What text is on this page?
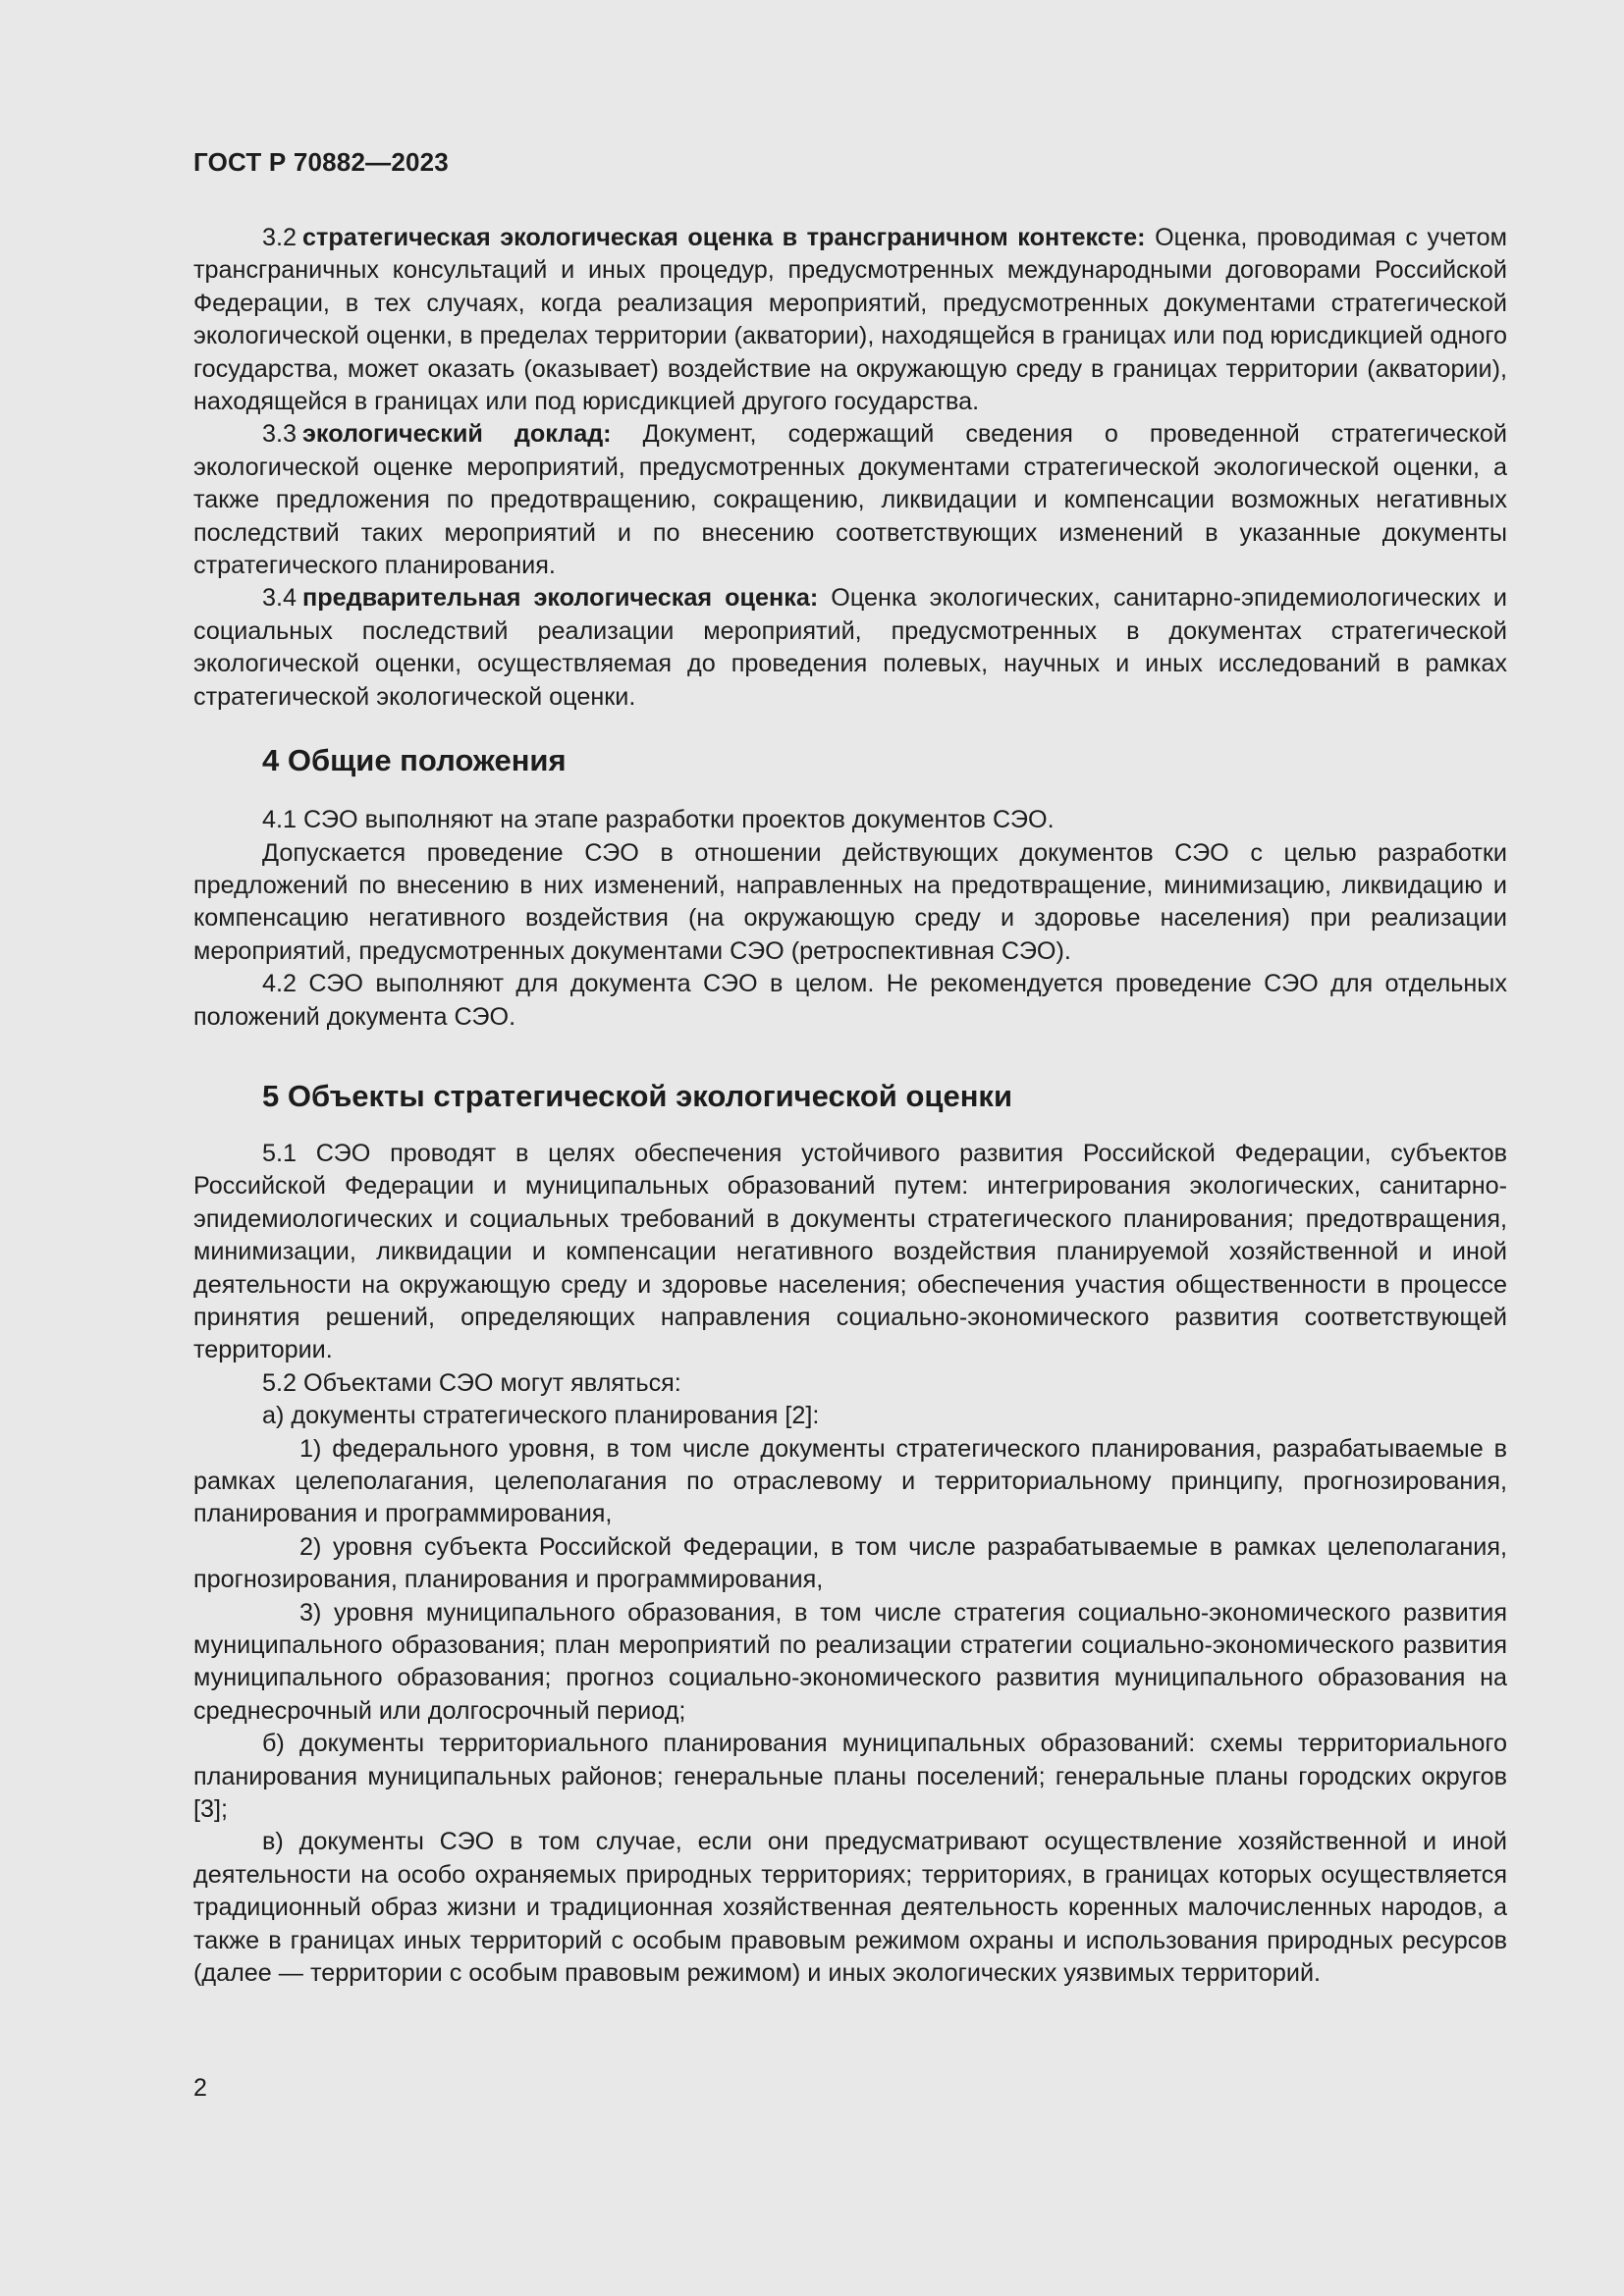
ГОСТ Р 70882—2023

3.2 стратегическая экологическая оценка в трансграничном контексте: Оценка, проводимая с учетом трансграничных консультаций и иных процедур, предусмотренных международными договорами Российской Федерации, в тех случаях, когда реализация мероприятий, предусмотренных документами стратегической экологической оценки, в пределах территории (акватории), находящейся в границах или под юрисдикцией одного государства, может оказать (оказывает) воздействие на окружающую среду в границах территории (акватории), находящейся в границах или под юрисдикцией другого государства.

3.3 экологический доклад: Документ, содержащий сведения о проведенной стратегической экологической оценке мероприятий, предусмотренных документами стратегической экологической оценки, а также предложения по предотвращению, сокращению, ликвидации и компенсации возможных негативных последствий таких мероприятий и по внесению соответствующих изменений в указанные документы стратегического планирования.

3.4 предварительная экологическая оценка: Оценка экологических, санитарно-эпидемиологических и социальных последствий реализации мероприятий, предусмотренных в документах стратегической экологической оценки, осуществляемая до проведения полевых, научных и иных исследований в рамках стратегической экологической оценки.

4 Общие положения

4.1 СЭО выполняют на этапе разработки проектов документов СЭО.

Допускается проведение СЭО в отношении действующих документов СЭО с целью разработки предложений по внесению в них изменений, направленных на предотвращение, минимизацию, ликвидацию и компенсацию негативного воздействия (на окружающую среду и здоровье населения) при реализации мероприятий, предусмотренных документами СЭО (ретроспективная СЭО).

4.2 СЭО выполняют для документа СЭО в целом. Не рекомендуется проведение СЭО для отдельных положений документа СЭО.

5 Объекты стратегической экологической оценки

5.1 СЭО проводят в целях обеспечения устойчивого развития Российской Федерации, субъектов Российской Федерации и муниципальных образований путем: интегрирования экологических, санитарно-эпидемиологических и социальных требований в документы стратегического планирования; предотвращения, минимизации, ликвидации и компенсации негативного воздействия планируемой хозяйственной и иной деятельности на окружающую среду и здоровье населения; обеспечения участия общественности в процессе принятия решений, определяющих направления социально-экономического развития соответствующей территории.

5.2 Объектами СЭО могут являться:

а) документы стратегического планирования [2]:

1) федерального уровня, в том числе документы стратегического планирования, разрабатываемые в рамках целеполагания, целеполагания по отраслевому и территориальному принципу, прогнозирования, планирования и программирования,

2) уровня субъекта Российской Федерации, в том числе разрабатываемые в рамках целеполагания, прогнозирования, планирования и программирования,

3) уровня муниципального образования, в том числе стратегия социально-экономического развития муниципального образования; план мероприятий по реализации стратегии социально-экономического развития муниципального образования; прогноз социально-экономического развития муниципального образования на среднесрочный или долгосрочный период;

б) документы территориального планирования муниципальных образований: схемы территориального планирования муниципальных районов; генеральные планы поселений; генеральные планы городских округов [3];

в) документы СЭО в том случае, если они предусматривают осуществление хозяйственной и иной деятельности на особо охраняемых природных территориях; территориях, в границах которых осуществляется традиционный образ жизни и традиционная хозяйственная деятельность коренных малочисленных народов, а также в границах иных территорий с особым правовым режимом охраны и использования природных ресурсов (далее — территории с особым правовым режимом) и иных экологических уязвимых территорий.

2
